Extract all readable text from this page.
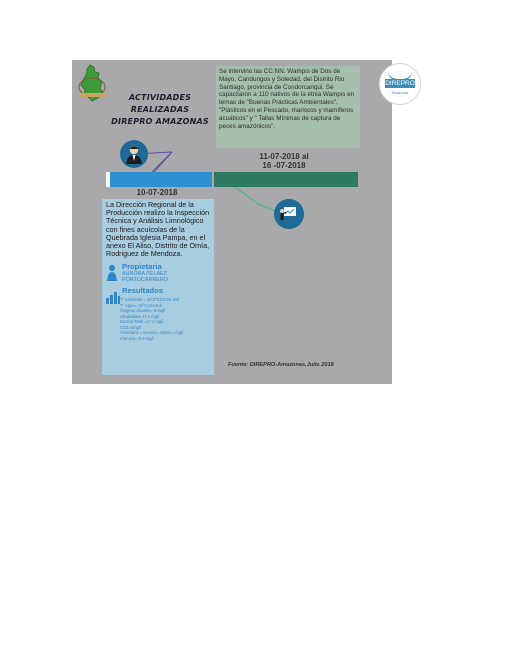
ACTIVIDADES
REALIZADAS
DIREPRO AMAZONAS
Se intervino las CC.NN. Wampis de Dos de Mayo, Candungos y Soledad, del Distrito Rio Santiago, provincia de Condorcanqui. Se capacitaron a 110 nativos de la etnia Wampis en temas de "Buenas Prácticas Ambientales", "Plásticos en el Pescado, mariscos y mamíferos acuáticos" y " Tallas Mínimas de captura de peces amazónicos".
DIREPRO
Amazonas
11-07-2018 al
16 -07-2018
10-07-2018
La Dirección Regional de la Producción realizo la Inspección Técnica y Análisis Limnológico con fines acuícolas de la Quebrada Iglesia Pampa, en el anexo El Aliso, Distrito de Omía, Rodriguez de Mendoza.
Propietaria
AURORA PELAEZ PORTOCARRERO
Resultados
T° Ambiente = 20.0°C(10:00 am)
T° Agua= 19°C,pH=6.5
Oxigeno disuelto= 6 mg/l
Alcalinidad=17.1 mg/l
Dureza Total =17.1 mg/l,
CO2=5mg/l
Amoniaco = Amonio= Nitrito = mg/l
Cloruros =0.6 mg/l
Fuente: DIREPRO-Amazonas,Julio 2018
